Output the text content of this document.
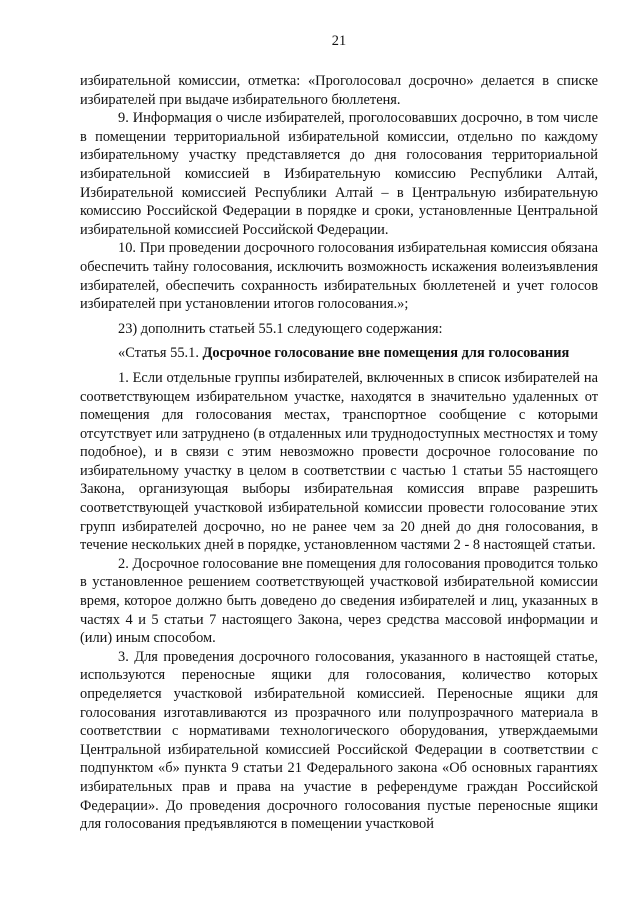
21

избирательной комиссии, отметка: «Проголосовал досрочно» делается в списке избирателей при выдаче избирательного бюллетеня.

9. Информация о числе избирателей, проголосовавших досрочно, в том числе в помещении территориальной избирательной комиссии, отдельно по каждому избирательному участку представляется до дня голосования территориальной избирательной комиссией в Избирательную комиссию Республики Алтай, Избирательной комиссией Республики Алтай – в Центральную избирательную комиссию Российской Федерации в порядке и сроки, установленные Центральной избирательной комиссией Российской Федерации.

10. При проведении досрочного голосования избирательная комиссия обязана обеспечить тайну голосования, исключить возможность искажения волеизъявления избирателей, обеспечить сохранность избирательных бюллетеней и учет голосов избирателей при установлении итогов голосования.»;

23) дополнить статьей 55.1 следующего содержания:

«Статья 55.1. Досрочное голосование вне помещения для голосования

1. Если отдельные группы избирателей, включенных в список избирателей на соответствующем избирательном участке, находятся в значительно удаленных от помещения для голосования местах, транспортное сообщение с которыми отсутствует или затруднено (в отдаленных или труднодоступных местностях и тому подобное), и в связи с этим невозможно провести досрочное голосование по избирательному участку в целом в соответствии с частью 1 статьи 55 настоящего Закона, организующая выборы избирательная комиссия вправе разрешить соответствующей участковой избирательной комиссии провести голосование этих групп избирателей досрочно, но не ранее чем за 20 дней до дня голосования, в течение нескольких дней в порядке, установленном частями 2 - 8 настоящей статьи.

2. Досрочное голосование вне помещения для голосования проводится только в установленное решением соответствующей участковой избирательной комиссии время, которое должно быть доведено до сведения избирателей и лиц, указанных в частях 4 и 5 статьи 7 настоящего Закона, через средства массовой информации и (или) иным способом.

3. Для проведения досрочного голосования, указанного в настоящей статье, используются переносные ящики для голосования, количество которых определяется участковой избирательной комиссией. Переносные ящики для голосования изготавливаются из прозрачного или полупрозрачного материала в соответствии с нормативами технологического оборудования, утверждаемыми Центральной избирательной комиссией Российской Федерации в соответствии с подпунктом «б» пункта 9 статьи 21 Федерального закона «Об основных гарантиях избирательных прав и права на участие в референдуме граждан Российской Федерации». До проведения досрочного голосования пустые переносные ящики для голосования предъявляются в помещении участковой
